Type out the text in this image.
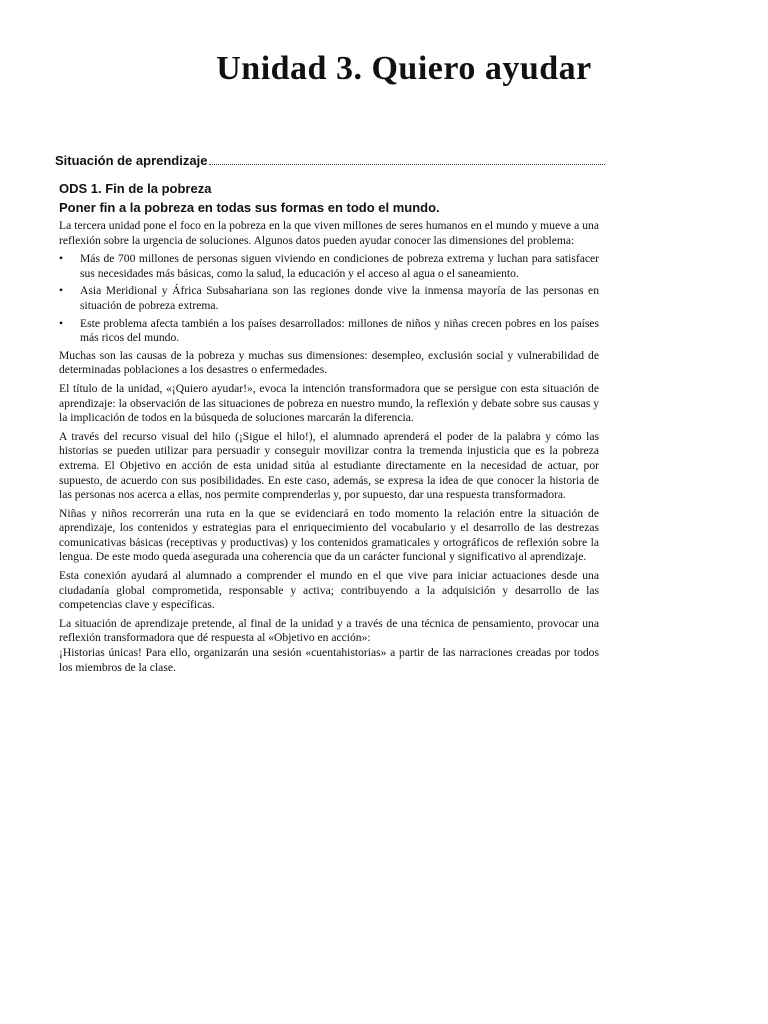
Unidad 3. Quiero ayudar
Situación de aprendizaje
ODS 1. Fin de la pobreza
Poner fin a la pobreza en todas sus formas en todo el mundo.

La tercera unidad pone el foco en la pobreza en la que viven millones de seres humanos en el mundo y mueve a una reflexión sobre la urgencia de soluciones. Algunos datos pueden ayudar conocer las dimensiones del problema:

• Más de 700 millones de personas siguen viviendo en condiciones de pobreza extrema y luchan para satisfacer sus necesidades más básicas, como la salud, la educación y el acceso al agua o el saneamiento.
• Asia Meridional y África Subsahariana son las regiones donde vive la inmensa mayoría de las personas en situación de pobreza extrema.
• Este problema afecta también a los países desarrollados: millones de niños y niñas crecen pobres en los países más ricos del mundo.

Muchas son las causas de la pobreza y muchas sus dimensiones: desempleo, exclusión social y vulnerabilidad de determinadas poblaciones a los desastres o enfermedades.

El título de la unidad, «¡Quiero ayudar!», evoca la intención transformadora que se persigue con esta situación de aprendizaje: la observación de las situaciones de pobreza en nuestro mundo, la reflexión y debate sobre sus causas y la implicación de todos en la búsqueda de soluciones marcarán la diferencia.

A través del recurso visual del hilo (¡Sigue el hilo!), el alumnado aprenderá el poder de la palabra y cómo las historias se pueden utilizar para persuadir y conseguir movilizar contra la tremenda injusticia que es la pobreza extrema. El Objetivo en acción de esta unidad sitúa al estudiante directamente en la necesidad de actuar, por supuesto, de acuerdo con sus posibilidades. En este caso, además, se expresa la idea de que conocer la historia de las personas nos acerca a ellas, nos permite comprenderlas y, por supuesto, dar una respuesta transformadora.

Niñas y niños recorrerán una ruta en la que se evidenciará en todo momento la relación entre la situación de aprendizaje, los contenidos y estrategias para el enriquecimiento del vocabulario y el desarrollo de las destrezas comunicativas básicas (receptivas y productivas) y los contenidos gramaticales y ortográficos de reflexión sobre la lengua. De este modo queda asegurada una coherencia que da un carácter funcional y significativo al aprendizaje.

Esta conexión ayudará al alumnado a comprender el mundo en el que vive para iniciar actuaciones desde una ciudadanía global comprometida, responsable y activa; contribuyendo a la adquisición y desarrollo de las competencias clave y específicas.

La situación de aprendizaje pretende, al final de la unidad y a través de una técnica de pensamiento, provocar una reflexión transformadora que dé respuesta al «Objetivo en acción»:

¡Historias únicas! Para ello, organizarán una sesión «cuentahistorias» a partir de las narraciones creadas por todos los miembros de la clase.
